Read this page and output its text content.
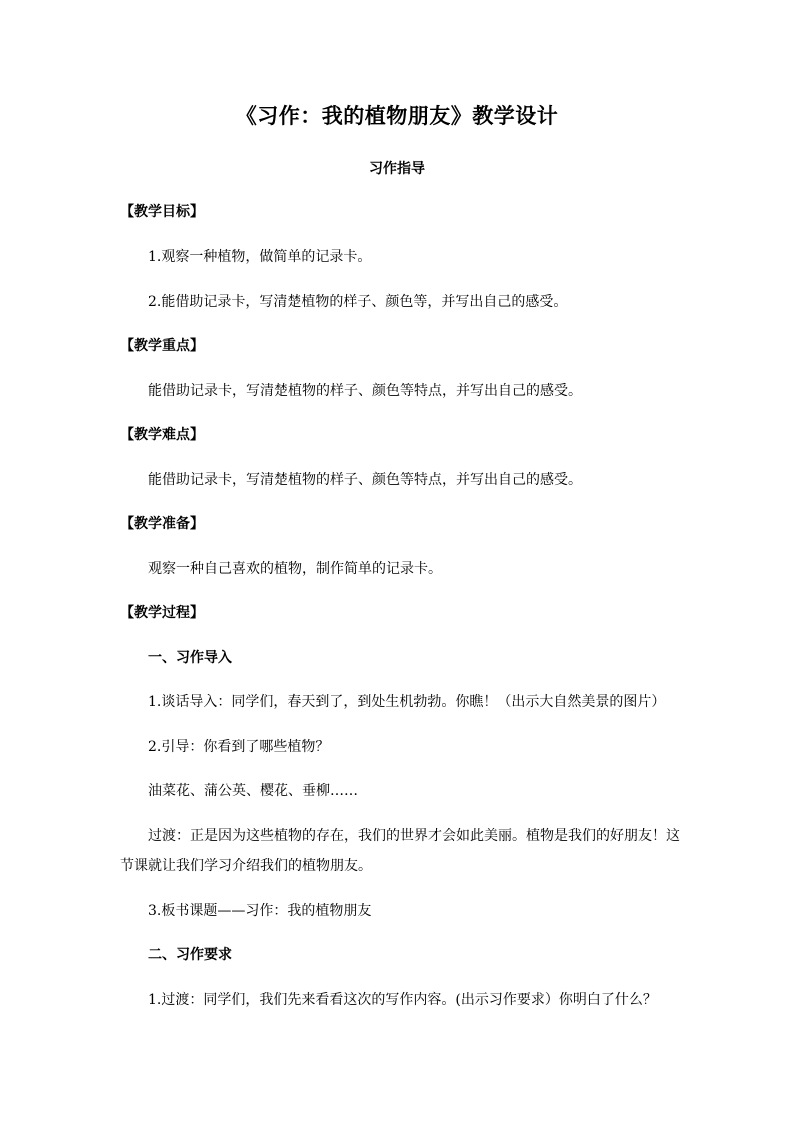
《习作：我的植物朋友》教学设计
习作指导
【教学目标】
1.观察一种植物，做简单的记录卡。
2.能借助记录卡，写清楚植物的样子、颜色等，并写出自己的感受。
【教学重点】
能借助记录卡，写清楚植物的样子、颜色等特点，并写出自己的感受。
【教学难点】
能借助记录卡，写清楚植物的样子、颜色等特点，并写出自己的感受。
【教学准备】
观察一种自己喜欢的植物，制作简单的记录卡。
【教学过程】
一、习作导入
1.谈话导入：同学们，春天到了，到处生机勃勃。你瞧！（出示大自然美景的图片）
2.引导：你看到了哪些植物？
油菜花、蒲公英、樱花、垂柳……
过渡：正是因为这些植物的存在，我们的世界才会如此美丽。植物是我们的好朋友！这
节课就让我们学习介绍我们的植物朋友。
3.板书课题——习作：我的植物朋友
二、习作要求
1.过渡：同学们，我们先来看看这次的写作内容。(出示习作要求）你明白了什么？
